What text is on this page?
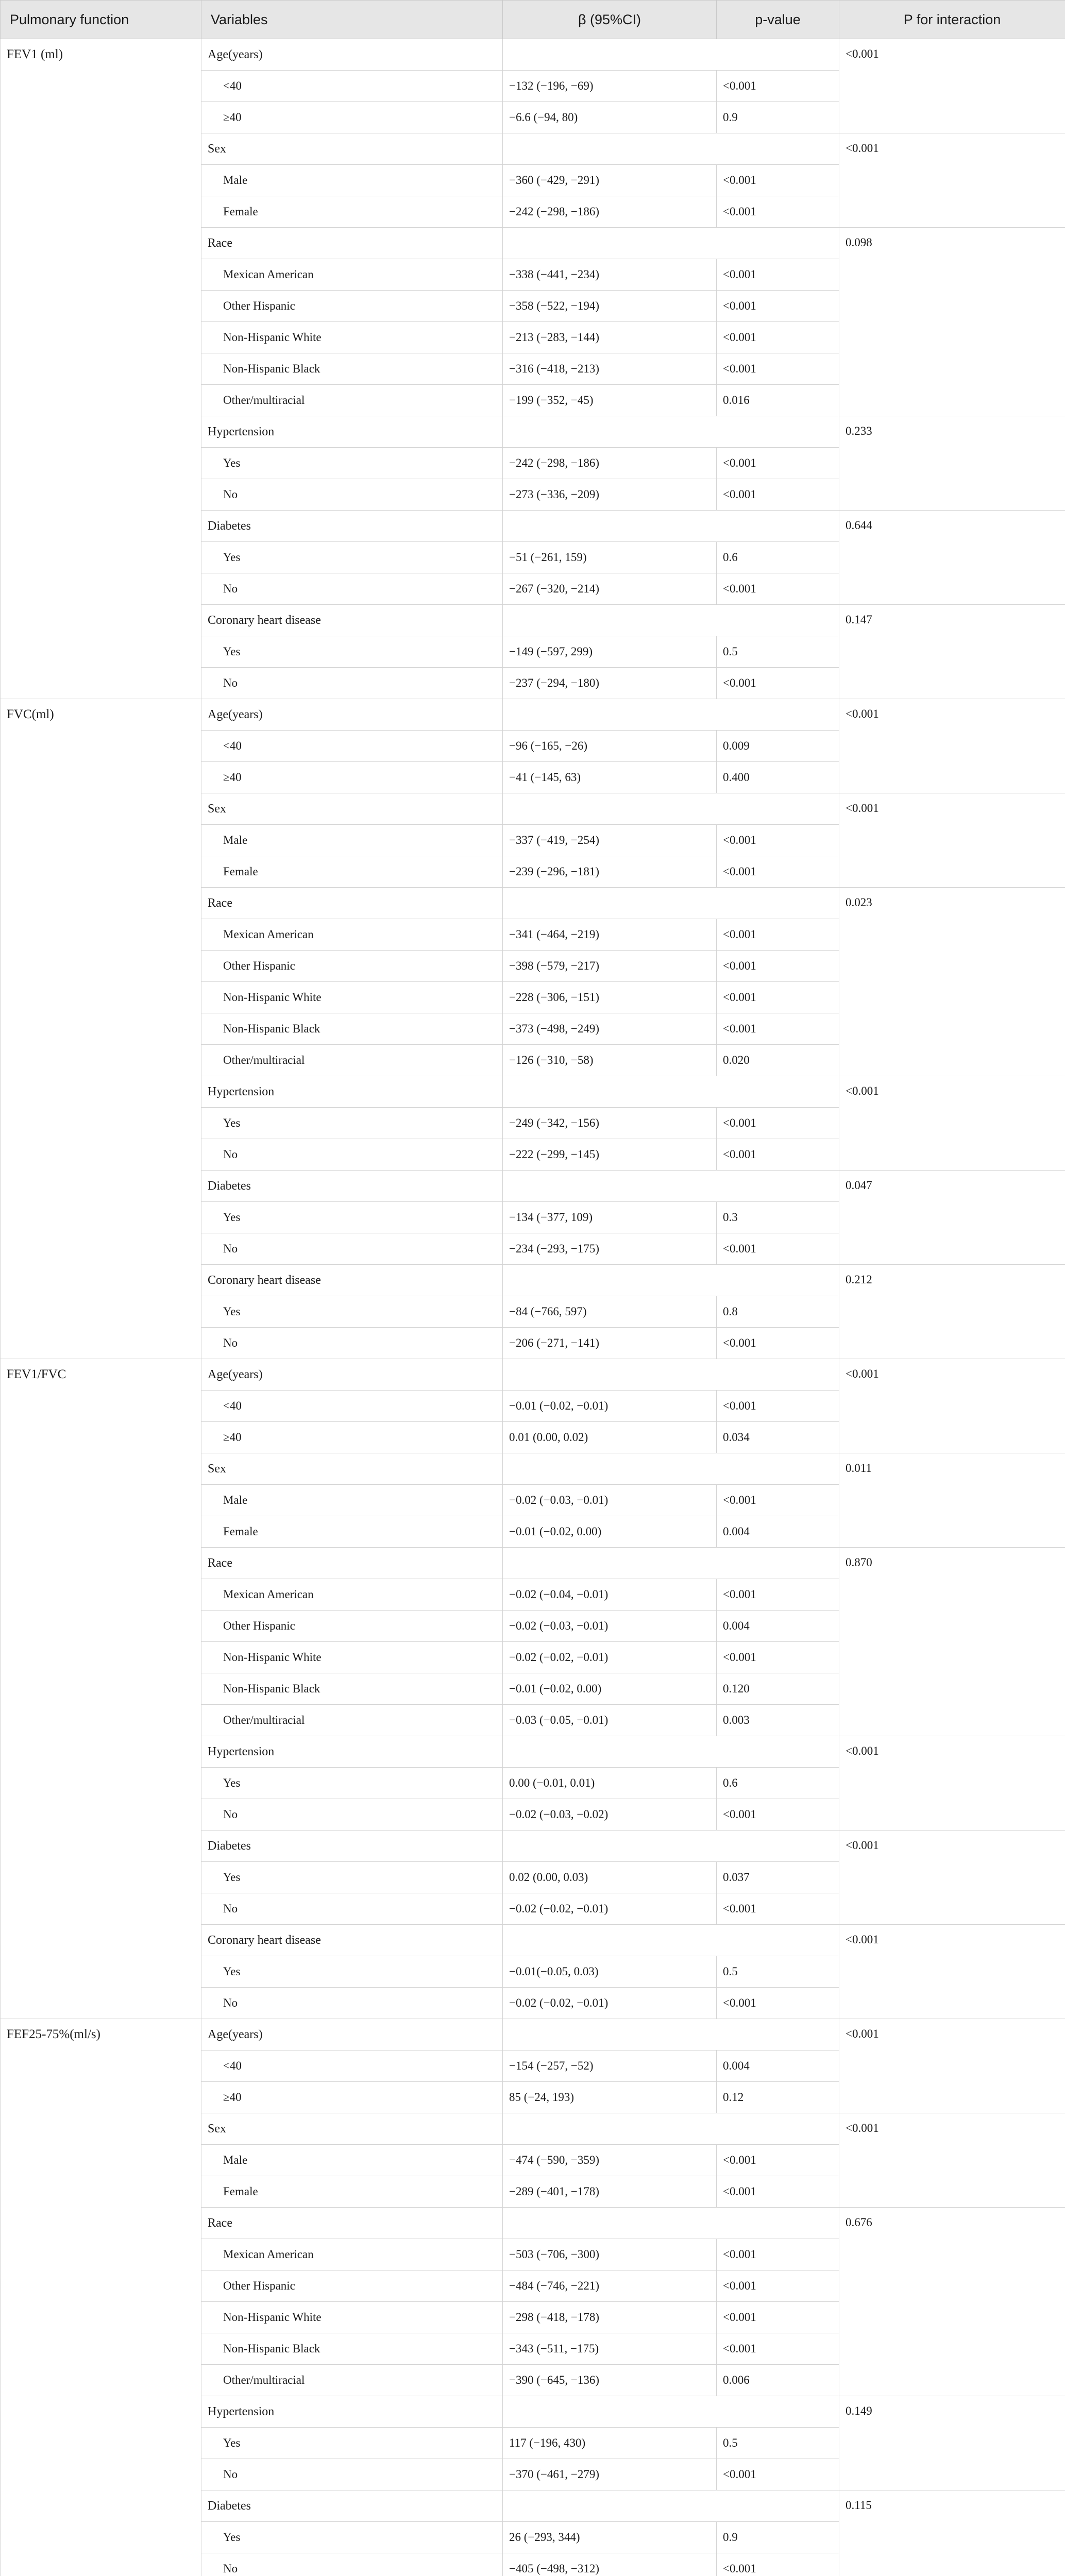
Pulmonary function	Variables	β (95%CI)	p-value	P for interaction
FEV1 (ml)	Age(years)			<0.001
	<40	−132 (−196, −69)	<0.001	
	≥40	−6.6 (−94, 80)	0.9	
	Sex			<0.001
	Male	−360 (−429, −291)	<0.001	
	Female	−242 (−298, −186)	<0.001	
	Race			0.098
	Mexican American	−338 (−441, −234)	<0.001	
	Other Hispanic	−358 (−522, −194)	<0.001	
	Non-Hispanic White	−213 (−283, −144)	<0.001	
	Non-Hispanic Black	−316 (−418, −213)	<0.001	
	Other/multiracial	−199 (−352, −45)	0.016	
	Hypertension			0.233
	Yes	−242 (−298, −186)	<0.001	
	No	−273 (−336, −209)	<0.001	
	Diabetes			0.644
	Yes	−51 (−261, 159)	0.6	
	No	−267 (−320, −214)	<0.001	
	Coronary heart disease			0.147
	Yes	−149 (−597, 299)	0.5	
	No	−237 (−294, −180)	<0.001	
FVC(ml)	Age(years)			<0.001
	<40	−96 (−165, −26)	0.009	
	≥40	−41 (−145, 63)	0.400	
	Sex			<0.001
	Male	−337 (−419, −254)	<0.001	
	Female	−239 (−296, −181)	<0.001	
	Race			0.023
	Mexican American	−341 (−464, −219)	<0.001	
	Other Hispanic	−398 (−579, −217)	<0.001	
	Non-Hispanic White	−228 (−306, −151)	<0.001	
	Non-Hispanic Black	−373 (−498, −249)	<0.001	
	Other/multiracial	−126 (−310, −58)	0.020	
	Hypertension			<0.001
	Yes	−249 (−342, −156)	<0.001	
	No	−222 (−299, −145)	<0.001	
	Diabetes			0.047
	Yes	−134 (−377, 109)	0.3	
	No	−234 (−293, −175)	<0.001	
	Coronary heart disease			0.212
	Yes	−84 (−766, 597)	0.8	
	No	−206 (−271, −141)	<0.001	
FEV1/FVC	Age(years)			<0.001
	<40	−0.01 (−0.02, −0.01)	<0.001	
	≥40	0.01 (0.00, 0.02)	0.034	
	Sex			0.011
	Male	−0.02 (−0.03, −0.01)	<0.001	
	Female	−0.01 (−0.02, 0.00)	0.004	
	Race			0.870
	Mexican American	−0.02 (−0.04, −0.01)	<0.001	
	Other Hispanic	−0.02 (−0.03, −0.01)	0.004	
	Non-Hispanic White	−0.02 (−0.02, −0.01)	<0.001	
	Non-Hispanic Black	−0.01 (−0.02, 0.00)	0.120	
	Other/multiracial	−0.03 (−0.05, −0.01)	0.003	
	Hypertension			<0.001
	Yes	0.00 (−0.01, 0.01)	0.6	
	No	−0.02 (−0.03, −0.02)	<0.001	
	Diabetes			<0.001
	Yes	0.02 (0.00, 0.03)	0.037	
	No	−0.02 (−0.02, −0.01)	<0.001	
	Coronary heart disease			<0.001
	Yes	−0.01(−0.05, 0.03)	0.5	
	No	−0.02 (−0.02, −0.01)	<0.001	
FEF25-75%(ml/s)	Age(years)			<0.001
	<40	−154 (−257, −52)	0.004	
	≥40	85 (−24, 193)	0.12	
	Sex			<0.001
	Male	−474 (−590, −359)	<0.001	
	Female	−289 (−401, −178)	<0.001	
	Race			0.676
	Mexican American	−503 (−706, −300)	<0.001	
	Other Hispanic	−484 (−746, −221)	<0.001	
	Non-Hispanic White	−298 (−418, −178)	<0.001	
	Non-Hispanic Black	−343 (−511, −175)	<0.001	
	Other/multiracial	−390 (−645, −136)	0.006	
	Hypertension			0.149
	Yes	117 (−196, 430)	0.5	
	No	−370 (−461, −279)	<0.001	
	Diabetes			0.115
	Yes	26 (−293, 344)	0.9	
	No	−405 (−498, −312)	<0.001	
